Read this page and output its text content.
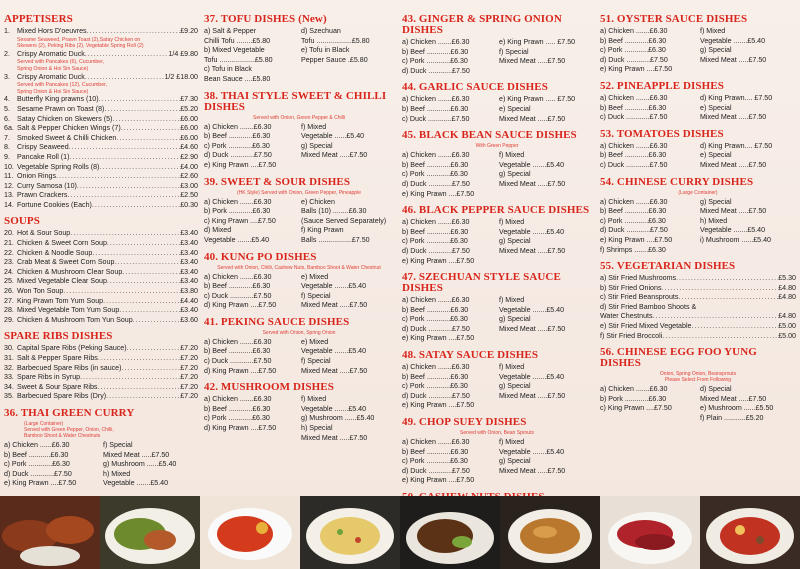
APPETISERS
1. Mixed Hors D'oeuvres .....	£9.20
Sesame Seaweed, Prawn Toast (2),Satay Chicken on
Skewers (2), Peking Ribs (2), Vegetable Spring Roll (2)
2. Crispy Aromatic Duck .....	1/4 £9.80
Served with Pancakes (6), Cucumber,
Spring Onion & Hoi Sin Sauce)
3. Crispy Aromatic Duck .....	1/2 £18.00
Served with Pancakes (12), Cucumber,
Spring Onion & Hoi Sin Sauce)
4. Butterfly King prawns (10) .....	£7.30
5. Sesame Prawn on Toast (8) .....	£5.20
6. Satay Chicken on Skewers (5) .....	£6.00
6a. Salt & Pepper Chicken Wings (7) .....	£6.00
7. Smoked Sweet & Chilli Chicken .....	£6.00
8. Crispy Seaweed .....	£4.60
9. Pancake Roll (1) .....	£2.90
10. Vegetable Spring Rolls (8) .....	£4.00
11. Onion Rings .....	£2.60
12. Curry Samosa (10) .....	£3.00
13. Prawn Crackers .....	£2.50
14. Fortune Cookies (Each) .....	£0.30
SOUPS
20. Hot & Sour Soup .....	£3.40
21. Chicken & Sweet Corn Soup .....	£3.40
22. Chicken & Noodle Soup .....	£3.40
23. Crab Meat & Sweet Corn Soup .....	£3.40
24. Chicken & Mushroom Clear Soup .....	£3.40
25. Mixed Vegetable Clear Soup .....	£3.40
26. Won Ton Soup .....	£3.80
27. King Prawn Tom Yum Soup .....	£4.40
28. Mixed Vegetable Tom Yum Soup .....	£3.40
29. Chicken & Mushroom Tom Yun Soup .....	£3.60
SPARE RIBS DISHES
30. Capital Spare Ribs (Peking Sauce) .....	£7.20
31. Salt & Pepper Spare Ribs .....	£7.20
32. Barbecued Spare Ribs (in sauce) .....	£7.20
33. Spare Ribs in Syrup .....	£7.20
34. Sweet & Sour Spare Ribs .....	£7.20
35. Barbecued Spare Ribs (Dry) .....	£7.20
36. THAI GREEN CURRY
(Large Container)
Served with Green Pepper, Onion, Chilli,
Bamboo Shoot & Water Chestnuts
a) Chicken ......£6.30
b) Beef ...........£6.30
c) Pork ............£6.30
d) Duck ............£7.50
e) King Prawn ....£7.50
f) Special
Mixed Meat .....£7.50
g) Mushroom ......£5.40
h) Mixed
Vegetable .......£5.40

37. TOFU DISHES (New)
a) Salt & Pepper
Chilli Tofu ........£5.80
b) Mixed Vegetable
Tofu ..................£5.80
c) Tofu in Black
Bean Sauce ....£5.80
d) Szechuan
Tofu ..................£5.80
e) Tofu in Black
Pepper Sauce .£5.80

38. THAI STYLE SWEET & CHILLI DISHES
Served with Onion, Green Pepper & Chilli
a) Chicken .......£6.30
b) Beef ............£6.30
c) Pork ............£6.30
d) Duck ............£7.50
e) King Prawn ....£7.50
f) Mixed
Vegetable ......£5.40
g) Special
Mixed Meat .....£7.50

39. SWEET & SOUR DISHES
(HK Style) Served with Onion, Green Pepper, Pineapple
a) Chicken .......£6.30
b) Pork ............£6.30
c) King Prawn ....£7.50
d) Mixed
Vegetable .......£5.40
e) Chicken
Balls (10) ........£6.30
(Sauce Served Separately)
f) King Prawn
Balls .................£7.50
40. KUNG PO DISHES
Served with Onion, Chilli, Cashew Nuts, Bamboo Shoot & Water Chestnut
a) Chicken .......£6.30
b) Beef ............£6.30
c) Duck ............£7.50
d) King Prawn ....£7.50
e) Mixed
Vegetable .......£5.40
f) Special
Mixed Meat .....£7.50
41. PEKING SAUCE DISHES
Served with Onion, Spring Onion
a) Chicken .......£6.30
b) Beef ............£6.30
c) Duck ............£7.50
d) King Prawn ....£7.50
e) Mixed
Vegetable .......£5.40
f) Special
Mixed Meat .....£7.50
42. MUSHROOM DISHES
a) Chicken .......£6.30
b) Beef ............£6.30
c) Pork ............£6.30
d) King Prawn ....£7.50
f) Mixed
Vegetable .......£5.40
g) Mushroom ......£5.40
h) Special
Mixed Meat .....£7.50
43. GINGER & SPRING ONION DISHES
a) Chicken .......£6.30
b) Beef ............£6.30
c) Pork ............£6.30
d) Duck ............£7.50
e) King Prawn ..... £7.50
f) Special
Mixed Meat .....£7.50

44. GARLIC SAUCE DISHES
a) Chicken .......£6.30
b) Beef ............£6.30
c) Duck ............£7.50
e) King Prawn ..... £7.50
e) Special
Mixed Meat .....£7.50
45. BLACK BEAN SAUCE DISHES
With Green Pepper
a) Chicken .......£6.30
b) Beef ............£6.30
c) Pork ............£6.30
d) Duck ............£7.50
e) King Prawn ....£7.50
f) Mixed
Vegetable .......£5.40
g) Special
Mixed Meat .....£7.50

46. BLACK PEPPER SAUCE DISHES
a) Chicken .......£6.30
b) Beef ............£6.30
c) Pork ............£6.30
d) Duck ............£7.50
e) King Prawn ....£7.50
f) Mixed
Vegetable .......£5.40
g) Special
Mixed Meat .....£7.50

47. SZECHUAN STYLE SAUCE DISHES
a) Chicken .......£6.30
b) Beef ............£6.30
c) Pork ............£6.30
d) Duck ............£7.50
e) King Prawn ....£7.50
f) Mixed
Vegetable .......£5.40
g) Special
Mixed Meat .....£7.50

48. SATAY SAUCE DISHES
a) Chicken .......£6.30
b) Beef ............£6.30
c) Pork ............£6.30
d) Duck ............£7.50
e) King Prawn ....£7.50
f) Mixed
Vegetable .......£5.40
g) Special
Mixed Meat .....£7.50

49. CHOP SUEY DISHES
Served with Onion, Bean Sprouts
a) Chicken .......£6.30
b) Beef ............£6.30
c) Pork ............£6.30
d) Duck ............£7.50
e) King Prawn ....£7.50
f) Mixed
Vegetable .......£5.40
g) Special
Mixed Meat .....£7.50

51. OYSTER SAUCE DISHES
a) Chicken .......£6.30
b) Beef ............£6.30
c) Pork ............£6.30
d) Duck ............£7.50
e) King Prawn ....£7.50
f) Mixed
Vegetable .......£5.40
g) Special
Mixed Meat .....£7.50

52. PINEAPPLE DISHES
a) Chicken .......£6.30
b) Beef ............£6.30
c) Duck ............£7.50
d) King Prawn.... £7.50
e) Special
Mixed Meat .....£7.50
53. TOMATOES DISHES
a) Chicken .......£6.30
b) Beef ............£6.30
c) Duck ............£7.50
d) King Prawn.... £7.50
e) Special
Mixed Meat .....£7.50
54. CHINESE CURRY DISHES
(Large Container)
a) Chicken .......£6.30
b) Beef ............£6.30
c) Pork ............£6.30
d) Duck ............£7.50
e) King Prawn ....£7.50
f) Shrimps .......£6.30
g) Special
Mixed Meat .....£7.50
h) Mixed
Vegetable .......£5.40
i) Mushroom ......£5.40

55. VEGETARIAN DISHES
a) Stir Fried Mushrooms .....	£5.30
b) Stir Fried Onions .....	£4.80
c) Stir Fried Beansprouts .....	£4.80
d) Stir Fried Bamboo Shoots &
Water Chestnuts .....	£4.80
e) Stir Fried Mixed Vegetable .....	£5.00
f) Stir Fried Broccoli .....	£5.00
56. CHINESE EGG FOO YUNG DISHES
Onion, Spring Onion, Beansprouts
Please Select From Following
a) Chicken .......£6.30
b) Pork ............£6.30
c) King Prawn ....£7.50
d) Special
Mixed Meat .....£7.50
e) Mushroom ......£5.50
f) Plain ...........£5.20
